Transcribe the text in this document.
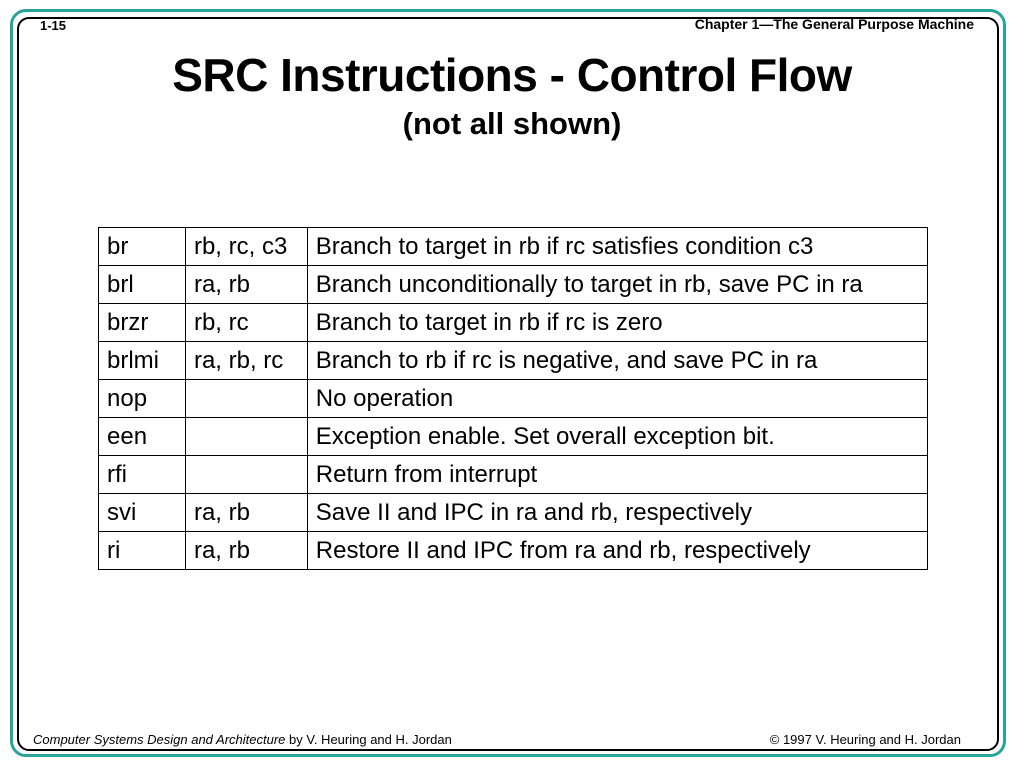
1-15	Chapter 1—The General Purpose Machine
SRC Instructions - Control Flow
(not all shown)
br	rb, rc, c3	Branch to target in rb if rc satisfies condition c3
brl	ra, rb	Branch unconditionally to target in rb, save PC in ra
brzr	rb, rc	Branch to target in rb if rc is zero
brlmi	ra, rb, rc	Branch to rb if rc is negative, and save PC in ra
nop		No operation
een		Exception enable. Set overall exception bit.
rfi		Return from interrupt
svi	ra, rb	Save II and IPC in ra and rb, respectively
ri	ra, rb	Restore II and IPC from ra and rb, respectively
Computer Systems Design and Architecture by V. Heuring and H. Jordan	© 1997 V. Heuring and H. Jordan
